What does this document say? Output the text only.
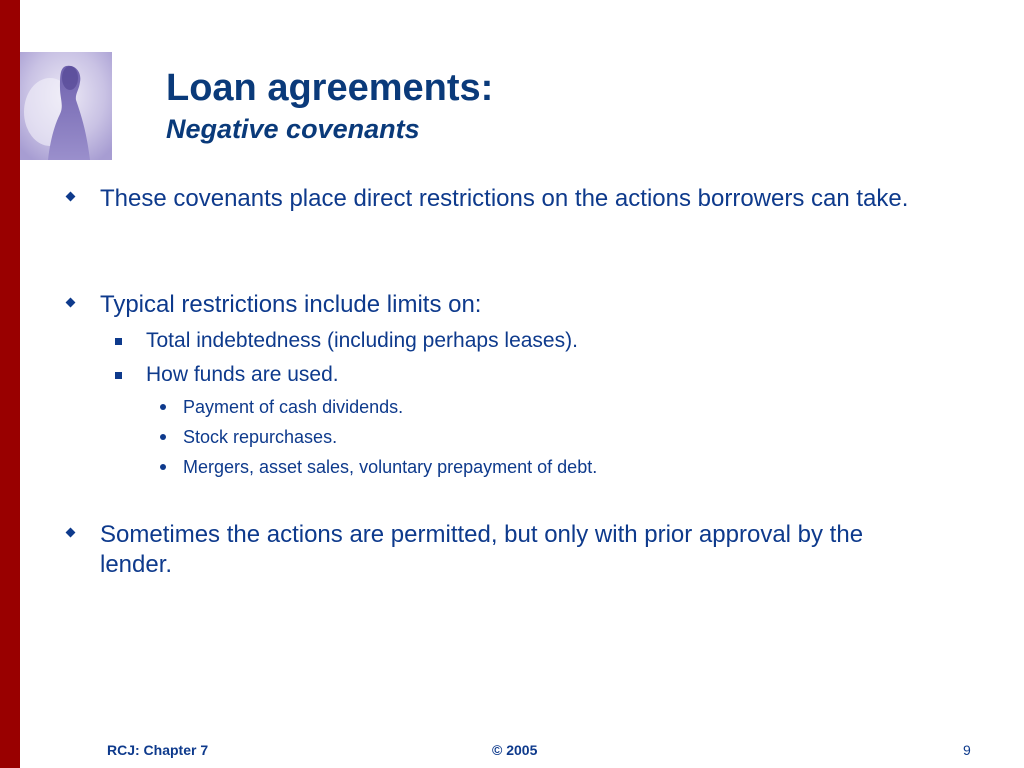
Loan agreements:
Negative covenants
These covenants place direct restrictions on the actions borrowers can take.
Typical restrictions include limits on:
Total indebtedness (including perhaps leases).
How funds are used.
Payment of cash dividends.
Stock repurchases.
Mergers, asset sales, voluntary prepayment of debt.
Sometimes the actions are permitted, but only with prior approval by the lender.
RCJ: Chapter 7	© 2005	9
